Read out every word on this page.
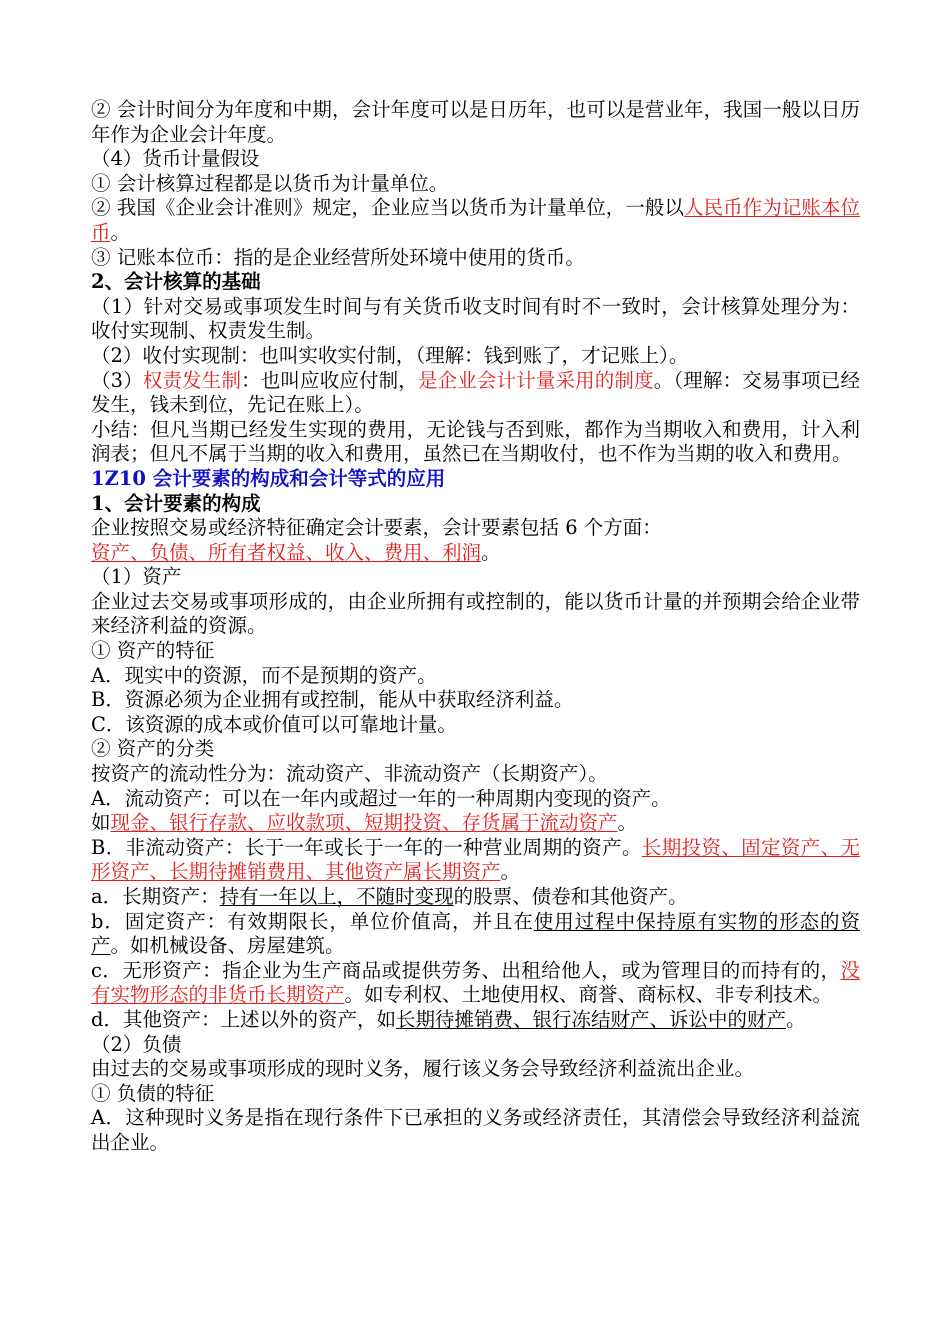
② 会计时间分为年度和中期，会计年度可以是日历年，也可以是营业年，我国一般以日历年作为企业会计年度。

（4）货币计量假设

① 会计核算过程都是以货币为计量单位。

② 我国《企业会计准则》规定，企业应当以货币为计量单位，一般以人民币作为记账本位币。

③ 记账本位币：指的是企业经营所处环境中使用的货币。

2、会计核算的基础

（1）针对交易或事项发生时间与有关货币收支时间有时不一致时，会计核算处理分为：收付实现制、权责发生制。

（2）收付实现制：也叫实收实付制，（理解：钱到账了，才记账上）。

（3）权责发生制：也叫应收应付制，是企业会计计量采用的制度。（理解：交易事项已经发生，钱未到位，先记在账上）。

小结：但凡当期已经发生实现的费用，无论钱与否到账，都作为当期收入和费用，计入利润表；但凡不属于当期的收入和费用，虽然已在当期收付，也不作为当期的收入和费用。

1Z10 会计要素的构成和会计等式的应用

1、会计要素的构成

企业按照交易或经济特征确定会计要素，会计要素包括 6 个方面：

资产、负债、所有者权益、收入、费用、利润。

（1）资产

企业过去交易或事项形成的，由企业所拥有或控制的，能以货币计量的并预期会给企业带来经济利益的资源。

① 资产的特征

A．现实中的资源，而不是预期的资产。

B．资源必须为企业拥有或控制，能从中获取经济利益。

C．该资源的成本或价值可以可靠地计量。

② 资产的分类

按资产的流动性分为：流动资产、非流动资产（长期资产）。

A．流动资产：可以在一年内或超过一年的一种周期内变现的资产。

如现金、银行存款、应收款项、短期投资、存货属于流动资产。

B．非流动资产：长于一年或长于一年的一种营业周期的资产。长期投资、固定资产、无形资产、长期待摊销费用、其他资产属长期资产。

a．长期资产：持有一年以上，不随时变现的股票、债卷和其他资产。

b．固定资产：有效期限长，单位价值高，并且在使用过程中保持原有实物的形态的资产。如机械设备、房屋建筑。

c．无形资产：指企业为生产商品或提供劳务、出租给他人，或为管理目的而持有的，没有实物形态的非货币长期资产。如专利权、土地使用权、商誉、商标权、非专利技术。

d．其他资产：上述以外的资产，如长期待摊销费、银行冻结财产、诉讼中的财产。

（2）负债

由过去的交易或事项形成的现时义务，履行该义务会导致经济利益流出企业。

① 负债的特征

A．这种现时义务是指在现行条件下已承担的义务或经济责任，其清偿会导致经济利益流出企业。
